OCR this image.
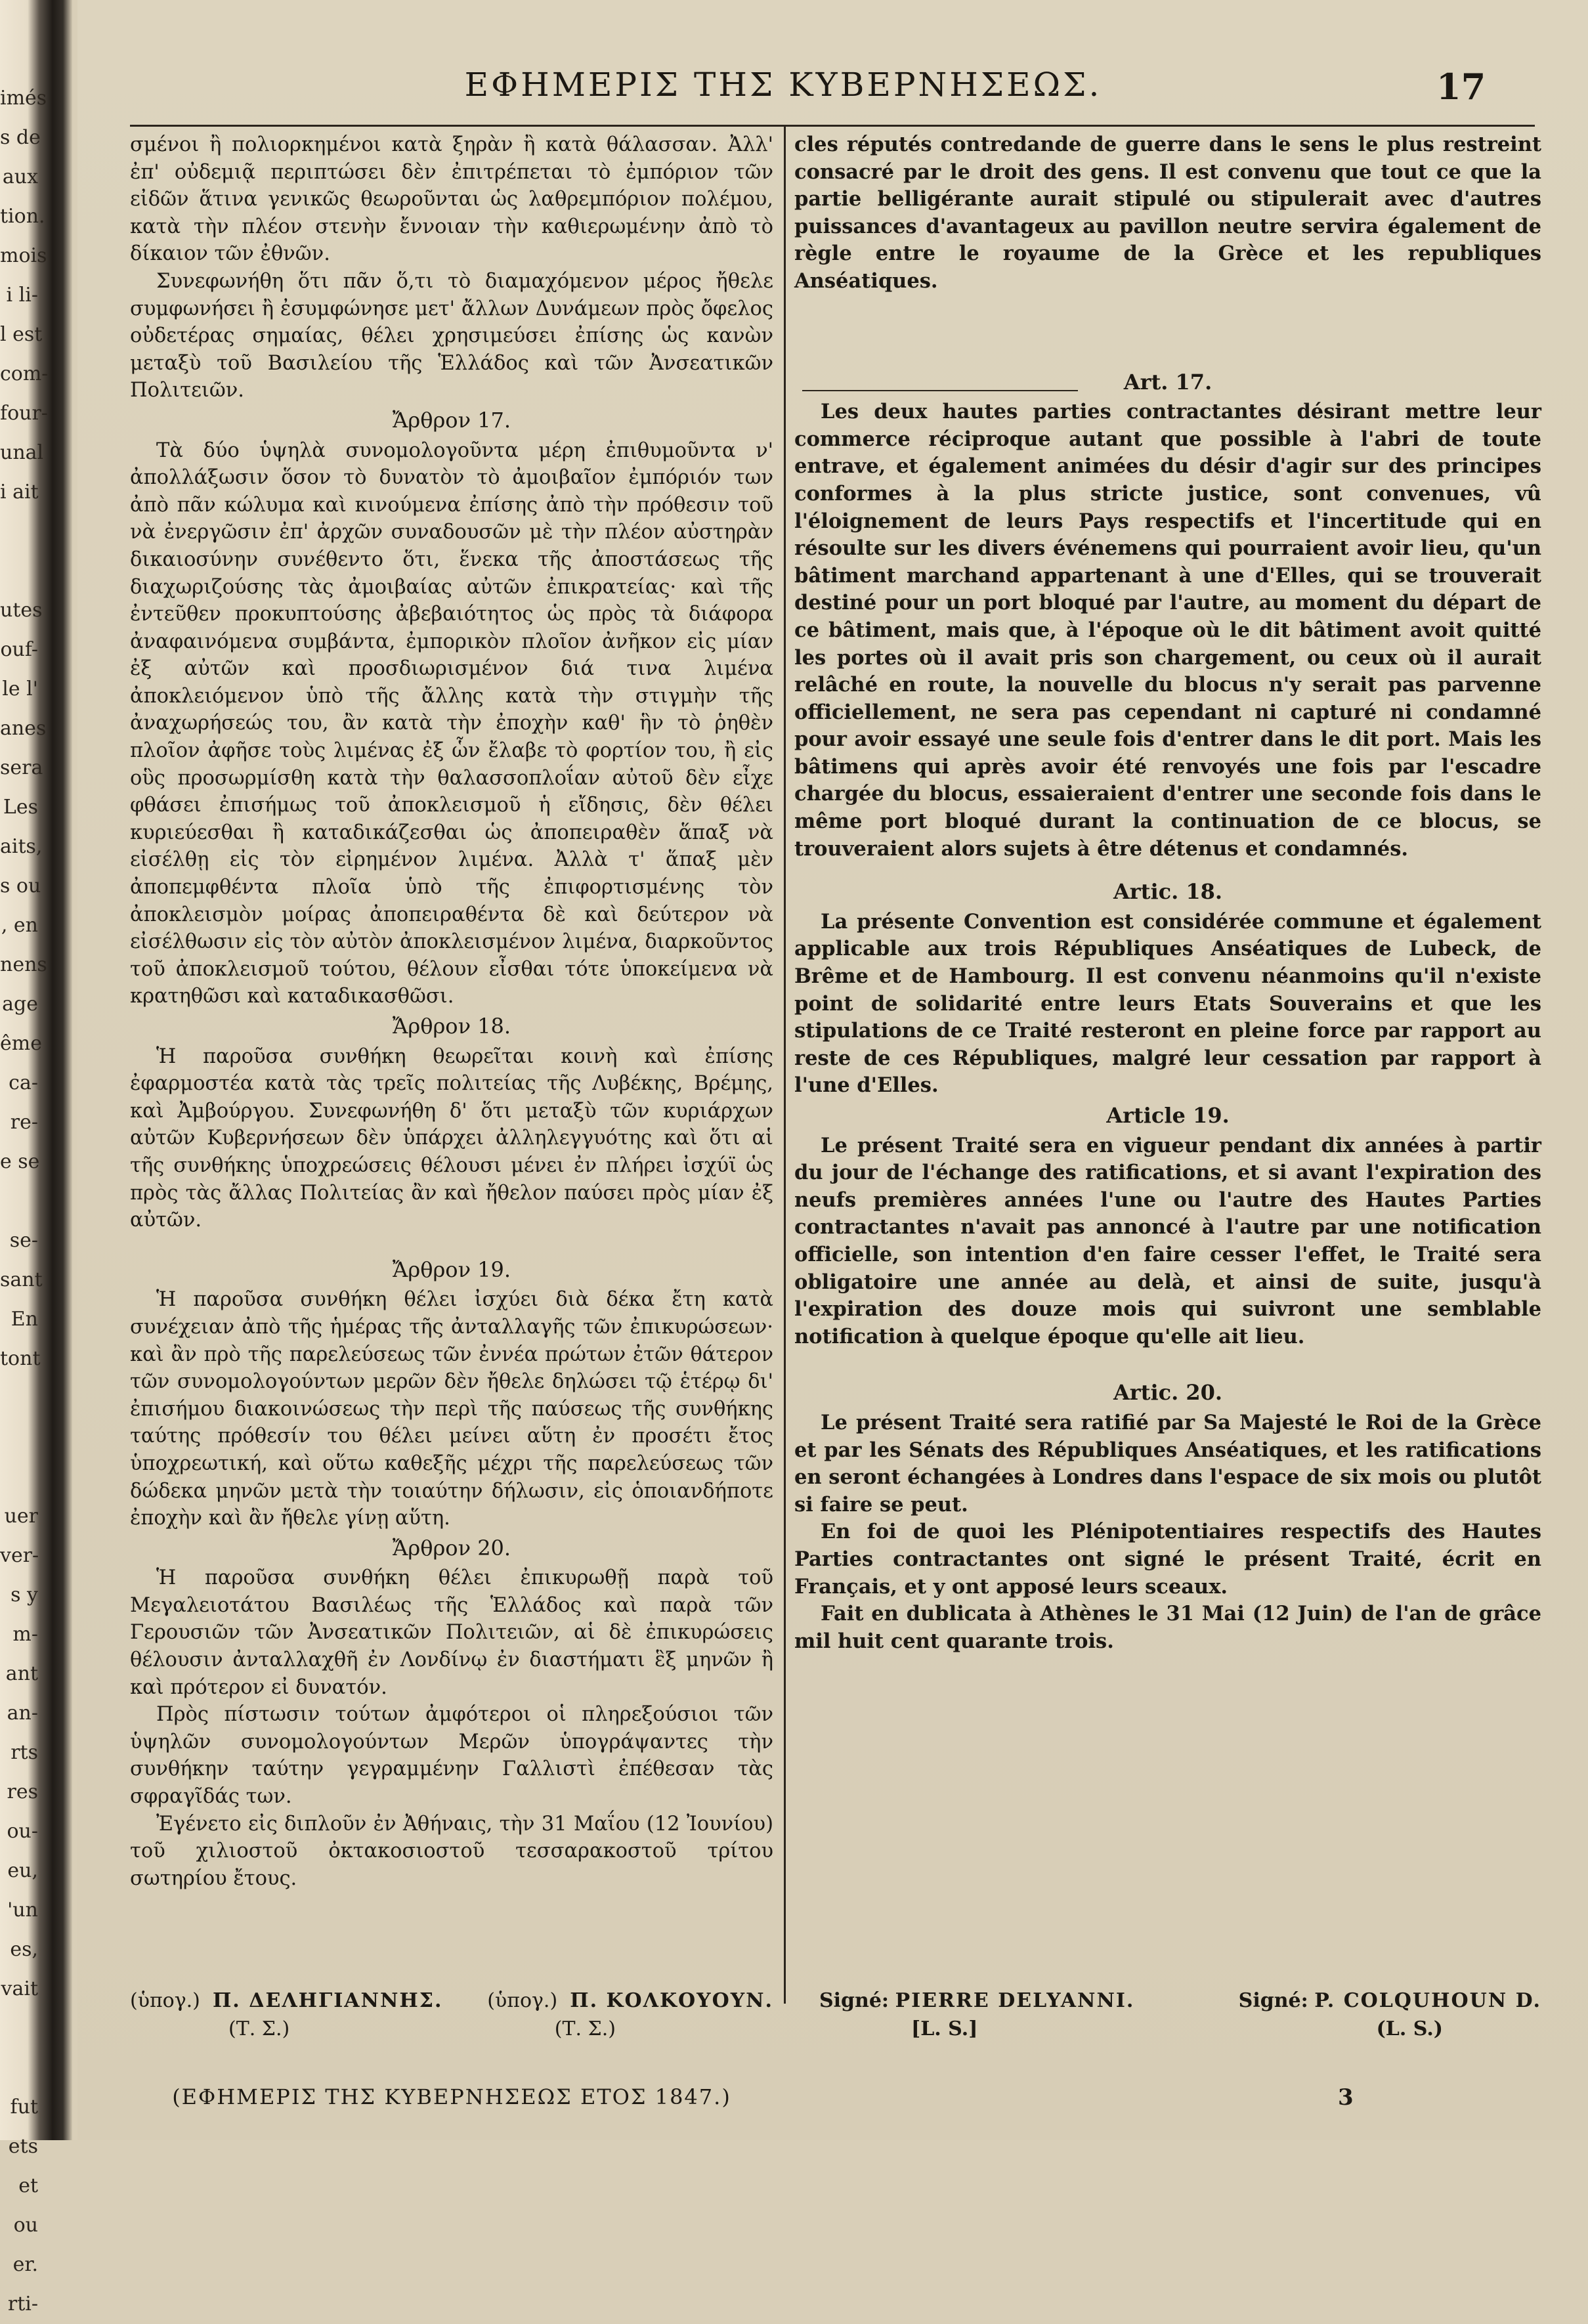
imés
s de
aux
tion.
mois
i li-
l est
com-
four-
unal
i ait

utes
ouf-
le l'
anes
sera
Les
aits,
s ou
, en
nens
age
ême
ca-
re-
e se

se-
sant
En
tont

uer
ver-
s y
m-
ant
an-
rts
res
ou-
eu,
'un
es,
vait

fut
ets
et
ou
er.
rti-
ΕΦΗΜΕΡΙΣ ΤΗΣ ΚΥΒΕΡΝΗΣΕΩΣ.	17

σμένοι ἢ πολιορκημένοι κατὰ ξηρὰν ἢ κατὰ θάλασσαν. Ἀλλ' ἐπ' οὐδεμιᾷ περιπτώσει δὲν ἐπιτρέπεται τὸ ἐμπόριον τῶν εἰδῶν ἅτινα γενικῶς θεωροῦνται ὡς λαθρεμπόριον πολέμου, κατὰ τὴν πλέον στενὴν ἔννοιαν τὴν καθιερωμένην ἀπὸ τὸ δίκαιον τῶν ἐθνῶν.

Συνεφωνήθη ὅτι πᾶν ὅ,τι τὸ διαμαχόμενον μέρος ἤθελε συμφωνήσει ἢ ἐσυμφώνησε μετ' ἄλλων Δυνάμεων πρὸς ὄφελος οὐδετέρας σημαίας, θέλει χρησιμεύσει ἐπίσης ὡς κανὼν μεταξὺ τοῦ Βασιλείου τῆς Ἑλλάδος καὶ τῶν Ἀνσεατικῶν Πολιτειῶν.

Ἄρθρον 17.

Τὰ δύο ὑψηλὰ συνομολογοῦντα μέρη ἐπιθυμοῦντα ν' ἀπολλάξωσιν ὅσον τὸ δυνατὸν τὸ ἀμοιβαῖον ἐμπόριόν των ἀπὸ πᾶν κώλυμα καὶ κινούμενα ἐπίσης ἀπὸ τὴν πρόθεσιν τοῦ νὰ ἐνεργῶσιν ἐπ' ἀρχῶν συναδουσῶν μὲ τὴν πλέον αὐστηρὰν δικαιοσύνην συνέθεντο ὅτι, ἕνεκα τῆς ἀποστάσεως τῆς διαχωριζούσης τὰς ἀμοιβαίας αὐτῶν ἐπικρατείας· καὶ τῆς ἐντεῦθεν προκυπτούσης ἀβεβαιότητος ὡς πρὸς τὰ διάφορα ἀναφαινόμενα συμβάντα, ἐμπορικὸν πλοῖον ἀνῆκον εἰς μίαν ἐξ αὐτῶν καὶ προσδιωρισμένον διά τινα λιμένα ἀποκλειόμενον ὑπὸ τῆς ἄλλης κατὰ τὴν στιγμὴν τῆς ἀναχωρήσεώς του, ἂν κατὰ τὴν ἐποχὴν καθ' ἣν τὸ ῥηθὲν πλοῖον ἀφῆσε τοὺς λιμένας ἐξ ὧν ἔλαβε τὸ φορτίον του, ἢ εἰς οὓς προσωρμίσθη κατὰ τὴν θαλασσοπλοΐαν αὐτοῦ δὲν εἶχε φθάσει ἐπισήμως τοῦ ἀποκλεισμοῦ ἡ εἴδησις, δὲν θέλει κυριεύεσθαι ἢ καταδικάζεσθαι ὡς ἀποπειραθὲν ἅπαξ νὰ εἰσέλθῃ εἰς τὸν εἰρημένον λιμένα. Ἀλλὰ τ' ἅπαξ μὲν ἀποπεμφθέντα πλοῖα ὑπὸ τῆς ἐπιφορτισμένης τὸν ἀποκλεισμὸν μοίρας ἀποπειραθέντα δὲ καὶ δεύτερον νὰ εἰσέλθωσιν εἰς τὸν αὐτὸν ἀποκλεισμένον λιμένα, διαρκοῦντος τοῦ ἀποκλεισμοῦ τούτου, θέλουν εἶσθαι τότε ὑποκείμενα νὰ κρατηθῶσι καὶ καταδικασθῶσι.

Ἄρθρον 18.

Ἡ παροῦσα συνθήκη θεωρεῖται κοινὴ καὶ ἐπίσης ἐφαρμοστέα κατὰ τὰς τρεῖς πολιτείας τῆς Λυβέκης, Βρέμης, καὶ Ἀμβούργου. Συνεφωνήθη δ' ὅτι μεταξὺ τῶν κυριάρχων αὐτῶν Κυβερνήσεων δὲν ὑπάρχει ἀλληλεγγυότης καὶ ὅτι αἱ τῆς συνθήκης ὑποχρεώσεις θέλουσι μένει ἐν πλήρει ἰσχύϊ ὡς πρὸς τὰς ἄλλας Πολιτείας ἂν καὶ ἤθελον παύσει πρὸς μίαν ἐξ αὐτῶν.

Ἄρθρον 19.

Ἡ παροῦσα συνθήκη θέλει ἰσχύει διὰ δέκα ἔτη κατὰ συνέχειαν ἀπὸ τῆς ἡμέρας τῆς ἀνταλλαγῆς τῶν ἐπικυρώσεων· καὶ ἂν πρὸ τῆς παρελεύσεως τῶν ἐννέα πρώτων ἐτῶν θάτερον τῶν συνομολογούντων μερῶν δὲν ἤθελε δηλώσει τῷ ἑτέρῳ δι' ἐπισήμου διακοινώσεως τὴν περὶ τῆς παύσεως τῆς συνθήκης ταύτης πρόθεσίν του θέλει μείνει αὕτη ἐν προσέτι ἔτος ὑποχρεωτική, καὶ οὕτω καθεξῆς μέχρι τῆς παρελεύσεως τῶν δώδεκα μηνῶν μετὰ τὴν τοιαύτην δήλωσιν, εἰς ὁποιανδήποτε ἐποχὴν καὶ ἂν ἤθελε γίνῃ αὕτη.

Ἄρθρον 20.

Ἡ παροῦσα συνθήκη θέλει ἐπικυρωθῇ παρὰ τοῦ Μεγαλειοτάτου Βασιλέως τῆς Ἑλλάδος καὶ παρὰ τῶν Γερουσιῶν τῶν Ἀνσεατικῶν Πολιτειῶν, αἱ δὲ ἐπικυρώσεις θέλουσιν ἀνταλλαχθῆ ἐν Λονδίνῳ ἐν διαστήματι ἓξ μηνῶν ἢ καὶ πρότερον εἰ δυνατόν.

Πρὸς πίστωσιν τούτων ἀμφότεροι οἱ πληρεξούσιοι τῶν ὑψηλῶν συνομολογούντων Μερῶν ὑπογράψαντες τὴν συνθήκην ταύτην γεγραμμένην Γαλλιστὶ ἐπέθεσαν τὰς σφραγῖδάς των.

Ἐγένετο εἰς διπλοῦν ἐν Ἀθήναις, τὴν 31 Μαΐου (12 Ἰουνίου) τοῦ χιλιοστοῦ ὀκτακοσιοστοῦ τεσσαρακοστοῦ τρίτου σωτηρίου ἔτους.

cles réputés contredande de guerre dans le sens le plus restreint consacré par le droit des gens. Il est convenu que tout ce que la partie belligérante aurait stipulé ou stipulerait avec d'autres puissances d'avantageux au pavillon neutre servira également de règle entre le royaume de la Grèce et les republiques Anséatiques.

Art. 17.

Les deux hautes parties contractantes désirant mettre leur commerce réciproque autant que possible à l'abri de toute entrave, et également animées du désir d'agir sur des principes conformes à la plus stricte justice, sont convenues, vû l'éloignement de leurs Pays respectifs et l'incertitude qui en résoulte sur les divers événemens qui pourraient avoir lieu, qu'un bâtiment marchand appartenant à une d'Elles, qui se trouverait destiné pour un port bloqué par l'autre, au moment du départ de ce bâtiment, mais que, à l'époque où le dit bâtiment avoit quitté les portes où il avait pris son chargement, ou ceux où il aurait relâché en route, la nouvelle du blocus n'y serait pas parvenne officiellement, ne sera pas cependant ni capturé ni condamné pour avoir essayé une seule fois d'entrer dans le dit port. Mais les bâtimens qui après avoir été renvoyés une fois par l'escadre chargée du blocus, essaieraient d'entrer une seconde fois dans le même port bloqué durant la continuation de ce blocus, se trouveraient alors sujets à être détenus et condamnés.

Artic. 18.

La présente Convention est considérée commune et également applicable aux trois Républiques Anséatiques de Lubeck, de Brême et de Hambourg. Il est convenu néanmoins qu'il n'existe point de solidarité entre leurs Etats Souverains et que les stipulations de ce Traité resteront en pleine force par rapport au reste de ces Républiques, malgré leur cessation par rapport à l'une d'Elles.

Article 19.

Le présent Traité sera en vigueur pendant dix années à partir du jour de l'échange des ratifications, et si avant l'expiration des neufs premières années l'une ou l'autre des Hautes Parties contractantes n'avait pas annoncé à l'autre par une notification officielle, son intention d'en faire cesser l'effet, le Traité sera obligatoire une année au delà, et ainsi de suite, jusqu'à l'expiration des douze mois qui suivront une semblable notification à quelque époque qu'elle ait lieu.

Artic. 20.

Le présent Traité sera ratifié par Sa Majesté le Roi de la Grèce et par les Sénats des Républiques Anséatiques, et les ratifications en seront échangées à Londres dans l'espace de six mois ou plutôt si faire se peut.

En foi de quoi les Plénipotentiaires respectifs des Hautes Parties contractantes ont signé le présent Traité, écrit en Français, et y ont apposé leurs sceaux.

Fait en dublicata à Athènes le 31 Mai (12 Juin) de l'an de grâce mil huit cent quarante trois.

(ὑπογ.) Π. ΔΕΛΗΓΙΑΝΝΗΣ. (ὑπογ.) Π. ΚΟΛΚΟΥΟΥΝ.
(Τ. Σ.)	(Τ. Σ.)
Signé: PIERRE DELYANNI.	Signé: P. COLQUHOUN D.
[L. S.]	(L. S.)
(ΕΦΗΜΕΡΙΣ ΤΗΣ ΚΥΒΕΡΝΗΣΕΩΣ ΕΤΟΣ 1847.)	3
